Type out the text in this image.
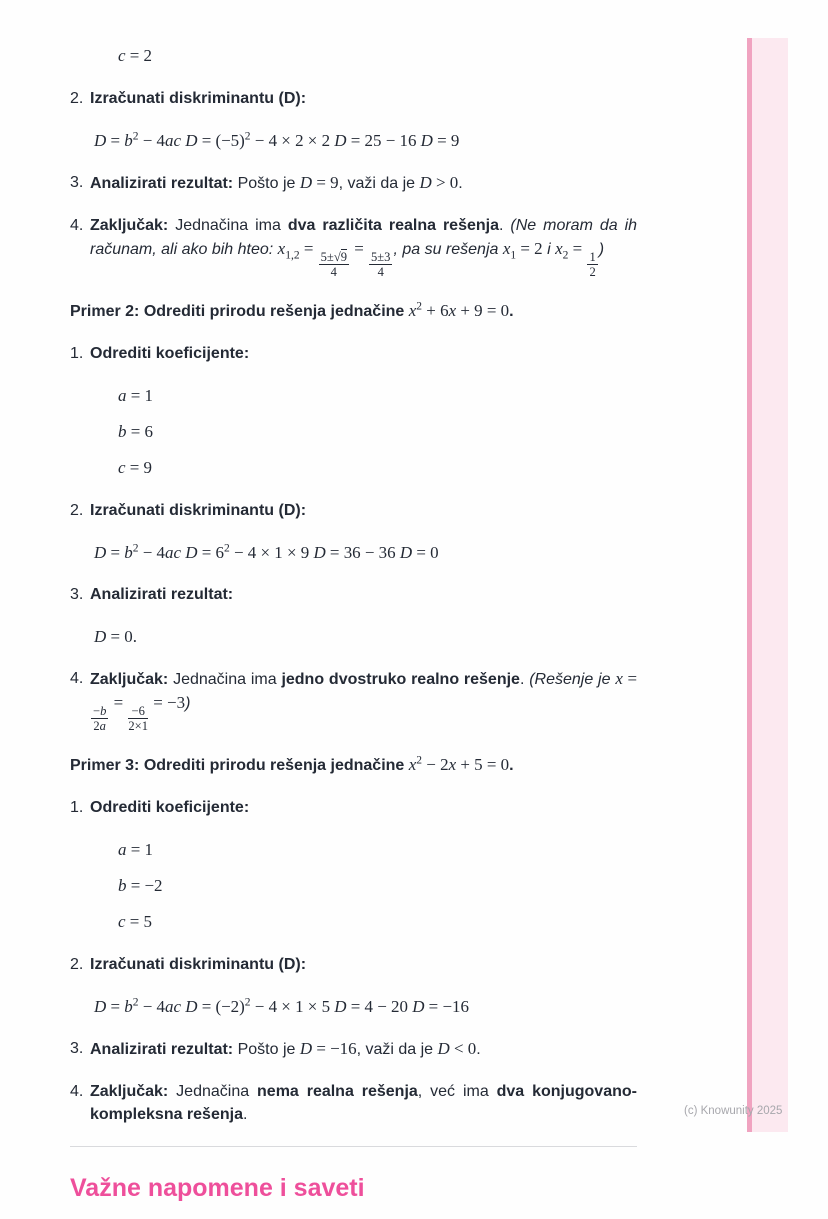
c = 2
2. Izračunati diskriminantu (D):
$D = b^2 - 4ac$ $D = (-5)^2 - 4 \times 2 \times 2$ D = 25 − 16 D = 9
3. Analizirati rezultat: Pošto je D = 9, važi da je D > 0.
4. Zaključak: Jednačina ima dva različita realna rešenja. (Ne moram da ih računam, ali ako bih hteo: $x_{1,2}$ =
$\frac{5\pm√9}{4}$
=
$\frac{5\pm 3}{4}$
, pa su rešenja $x_1 = 2$ i $x_2$ =
$\frac{1}{2}$
)
Primer 2: Odrediti prirodu rešenja jednačine $x^2 + 6x + 9 = 0$.
1. Odrediti koeficijente:
a = 1
b = 6
c = 9
2. Izračunati diskriminantu (D):
$D = b^2 - 4ac$ $D = 6^2 - 4 \times 1 \times 9$ D = 36 − 36 D = 0
3. Analizirati rezultat:
D = 0.
4. Zaključak: Jednačina ima jedno dvostruko realno rešenje. (Rešenje je x =
$\frac{-b}{2a}$
=
$\frac{-6}{2\times 1}$
= −3)
Primer 3: Odrediti prirodu rešenja jednačine $x^2 - 2x + 5 = 0$.
1. Odrediti koeficijente:
a = 1
b = −2
c = 5
2. Izračunati diskriminantu (D):
$D = b^2 - 4ac$ $D = (-2)^2 - 4 \times 1 \times 5$ D = 4 − 20 D = −16
3. Analizirati rezultat: Pošto je D = −16, važi da je D < 0.
4. Zaključak: Jednačina nema realna rešenja, već ima dva konjugovano-kompleksna rešenja.
Važne napomene i saveti
(c) Knowunity 2025
